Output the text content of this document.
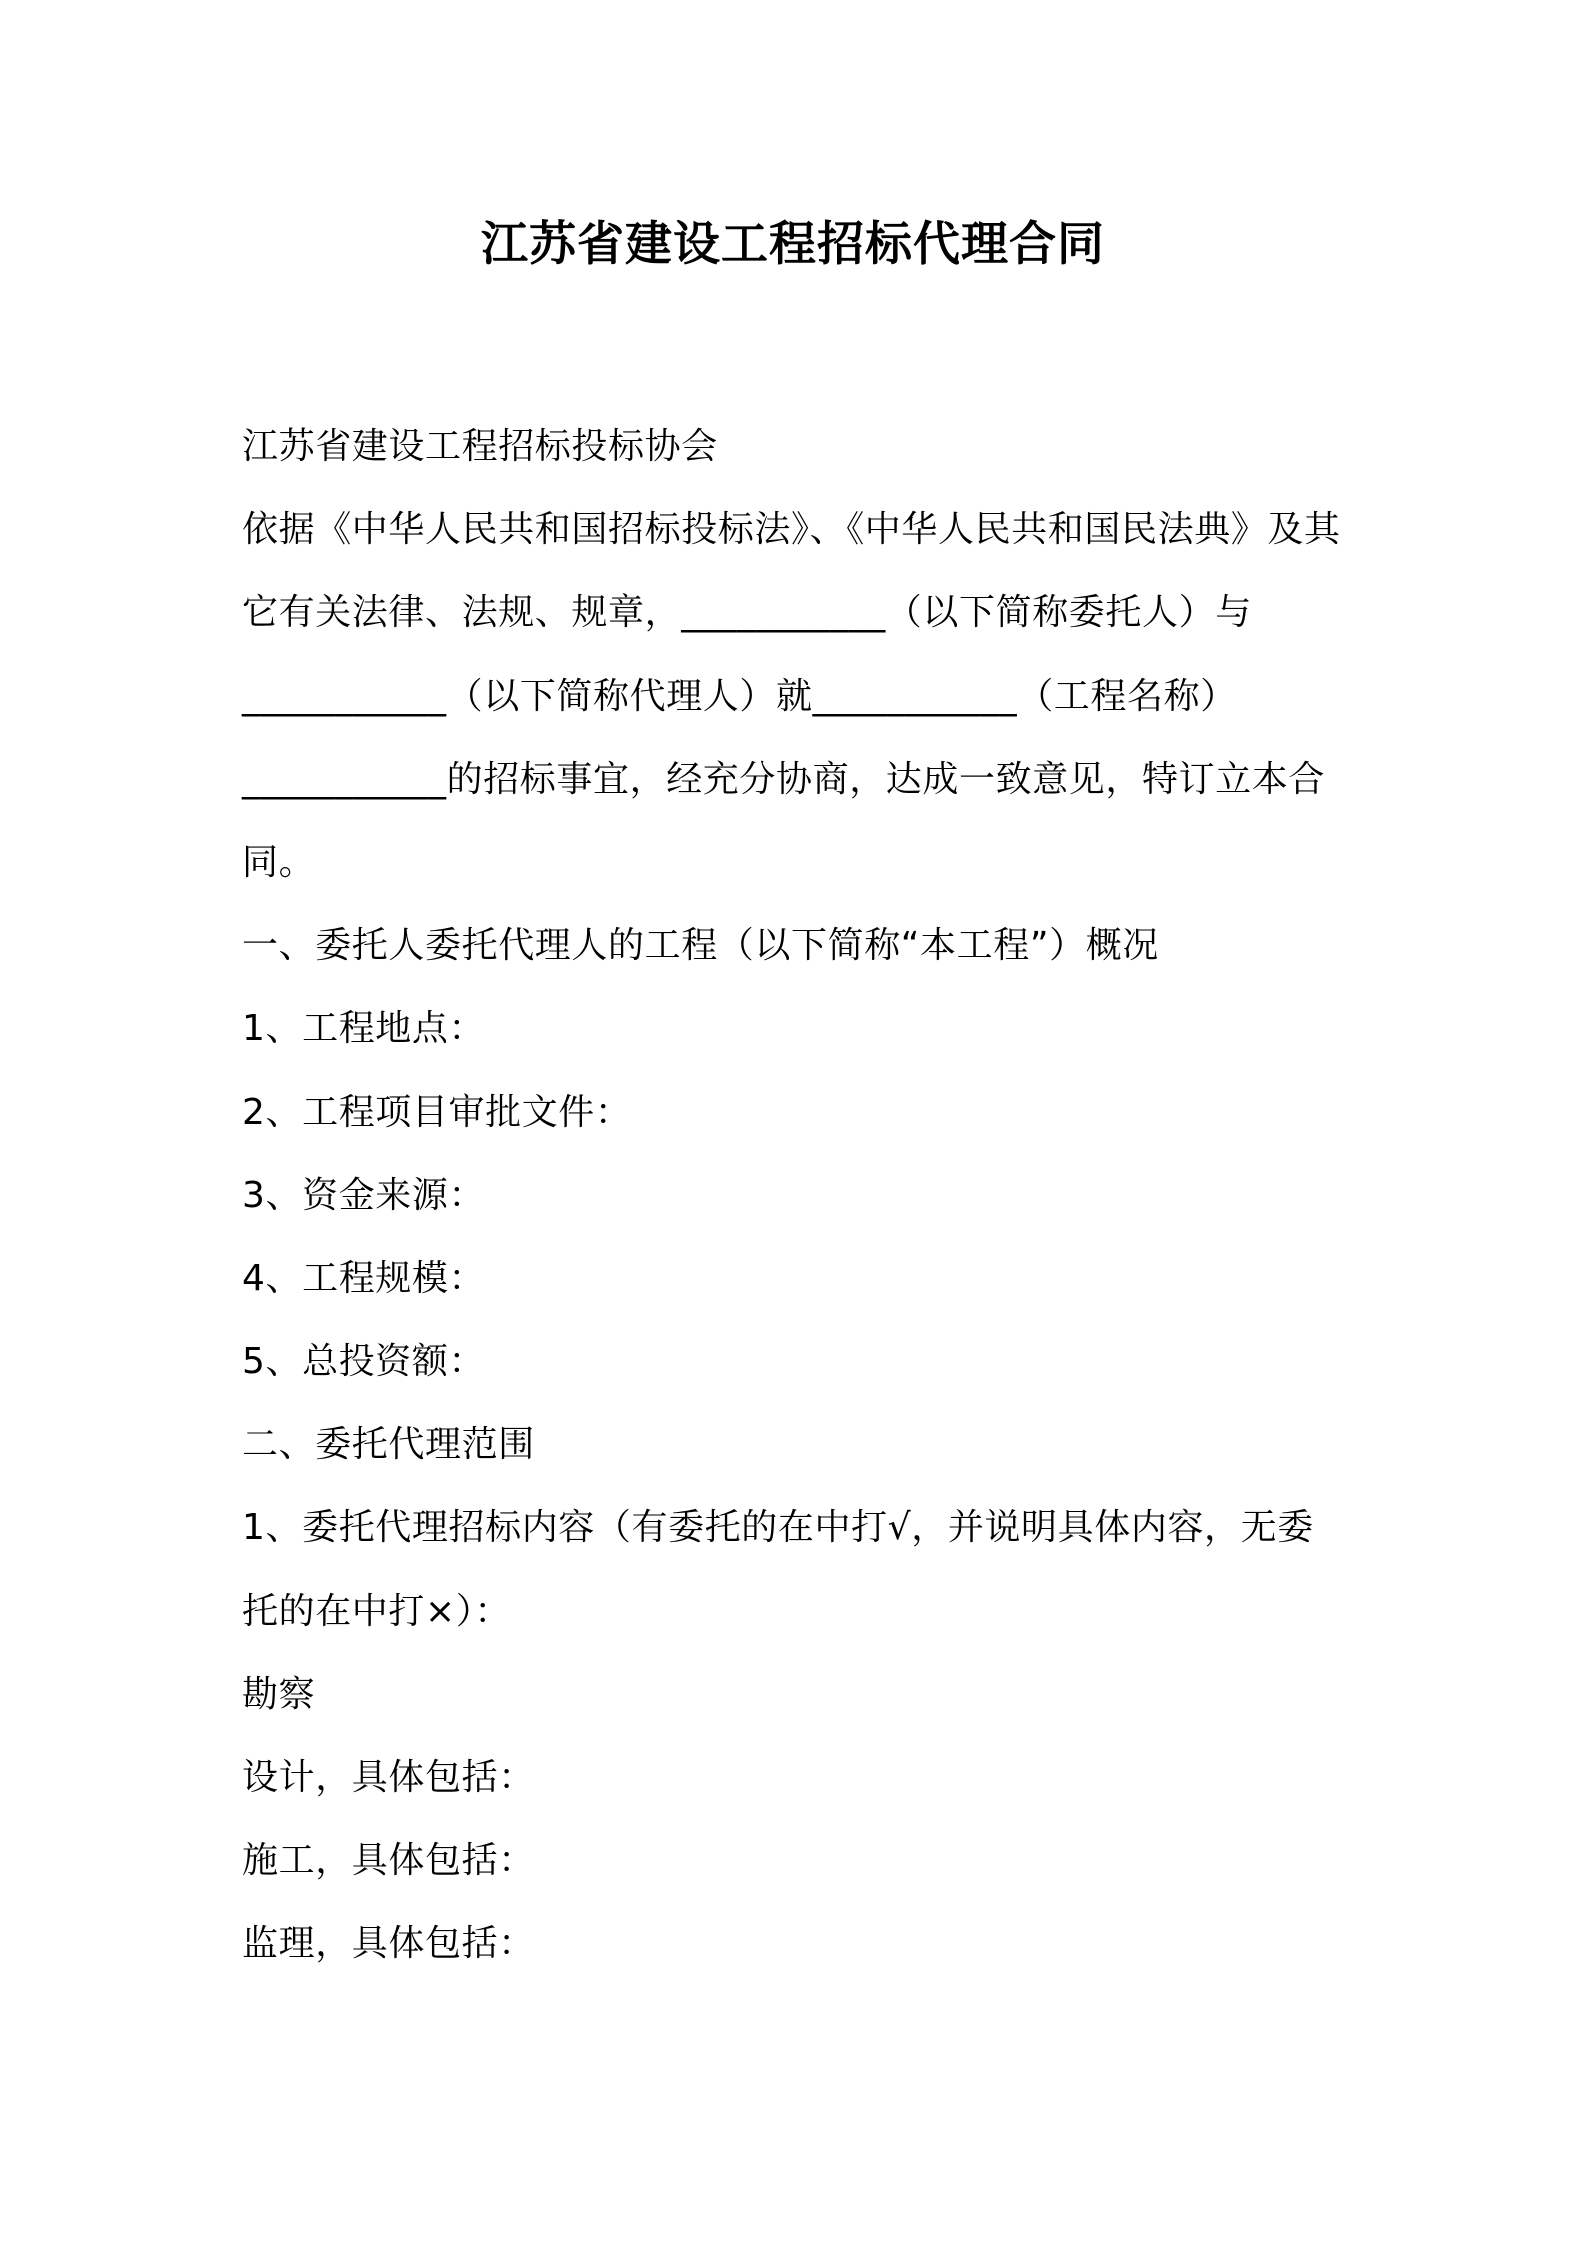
江苏省建设工程招标代理合同
江苏省建设工程招标投标协会
依据《中华人民共和国招标投标法》、《中华人民共和国民法典》及其
它有关法律、法规、规章，___________（以下简称委托人）与
___________（以下简称代理人）就___________（工程名称）
___________的招标事宜，经充分协商，达成一致意见，特订立本合
同。
一、委托人委托代理人的工程（以下简称“本工程”）概况
1、工程地点：
2、工程项目审批文件：
3、资金来源：
4、工程规模：
5、总投资额：
二、委托代理范围
1、委托代理招标内容（有委托的在中打√，并说明具体内容，无委
托的在中打×）：
勘察
设计，具体包括：
施工，具体包括：
监理，具体包括：
